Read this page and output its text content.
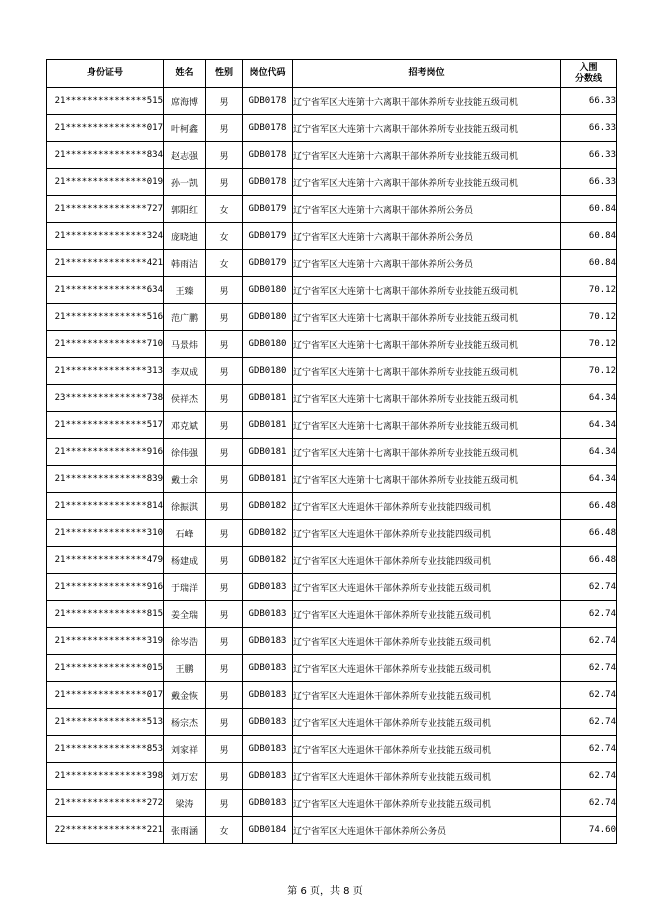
身份证号	姓名	性别	岗位代码	招考岗位	入围
分数线
21***************515	席海博	男	GDB0178	辽宁省军区大连第十六离职干部休养所专业技能五级司机	66.33
21***************017	叶柯鑫	男	GDB0178	辽宁省军区大连第十六离职干部休养所专业技能五级司机	66.33
21***************834	赵志强	男	GDB0178	辽宁省军区大连第十六离职干部休养所专业技能五级司机	66.33
21***************019	孙一凯	男	GDB0178	辽宁省军区大连第十六离职干部休养所专业技能五级司机	66.33
21***************727	郭阳红	女	GDB0179	辽宁省军区大连第十六离职干部休养所公务员	60.84
21***************324	庞晓迪	女	GDB0179	辽宁省军区大连第十六离职干部休养所公务员	60.84
21***************421	韩雨洁	女	GDB0179	辽宁省军区大连第十六离职干部休养所公务员	60.84
21***************634	王臻	男	GDB0180	辽宁省军区大连第十七离职干部休养所专业技能五级司机	70.12
21***************516	范广鹏	男	GDB0180	辽宁省军区大连第十七离职干部休养所专业技能五级司机	70.12
21***************710	马景炜	男	GDB0180	辽宁省军区大连第十七离职干部休养所专业技能五级司机	70.12
21***************313	李双成	男	GDB0180	辽宁省军区大连第十七离职干部休养所专业技能五级司机	70.12
23***************738	侯祥杰	男	GDB0181	辽宁省军区大连第十七离职干部休养所专业技能五级司机	64.34
21***************517	邓克斌	男	GDB0181	辽宁省军区大连第十七离职干部休养所专业技能五级司机	64.34
21***************916	徐伟强	男	GDB0181	辽宁省军区大连第十七离职干部休养所专业技能五级司机	64.34
21***************839	戴士余	男	GDB0181	辽宁省军区大连第十七离职干部休养所专业技能五级司机	64.34
21***************814	徐振淇	男	GDB0182	辽宁省军区大连退休干部休养所专业技能四级司机	66.48
21***************310	石峰	男	GDB0182	辽宁省军区大连退休干部休养所专业技能四级司机	66.48
21***************479	杨建成	男	GDB0182	辽宁省军区大连退休干部休养所专业技能四级司机	66.48
21***************916	于瑞洋	男	GDB0183	辽宁省军区大连退休干部休养所专业技能五级司机	62.74
21***************815	姜全瑞	男	GDB0183	辽宁省军区大连退休干部休养所专业技能五级司机	62.74
21***************319	徐岑浩	男	GDB0183	辽宁省军区大连退休干部休养所专业技能五级司机	62.74
21***************015	王鹏	男	GDB0183	辽宁省军区大连退休干部休养所专业技能五级司机	62.74
21***************017	戴金恢	男	GDB0183	辽宁省军区大连退休干部休养所专业技能五级司机	62.74
21***************513	杨宗杰	男	GDB0183	辽宁省军区大连退休干部休养所专业技能五级司机	62.74
21***************853	刘家祥	男	GDB0183	辽宁省军区大连退休干部休养所专业技能五级司机	62.74
21***************398	刘万宏	男	GDB0183	辽宁省军区大连退休干部休养所专业技能五级司机	62.74
21***************272	梁涛	男	GDB0183	辽宁省军区大连退休干部休养所专业技能五级司机	62.74
22***************221	张雨涵	女	GDB0184	辽宁省军区大连退休干部休养所公务员	74.60
第 6 页，共 8 页
